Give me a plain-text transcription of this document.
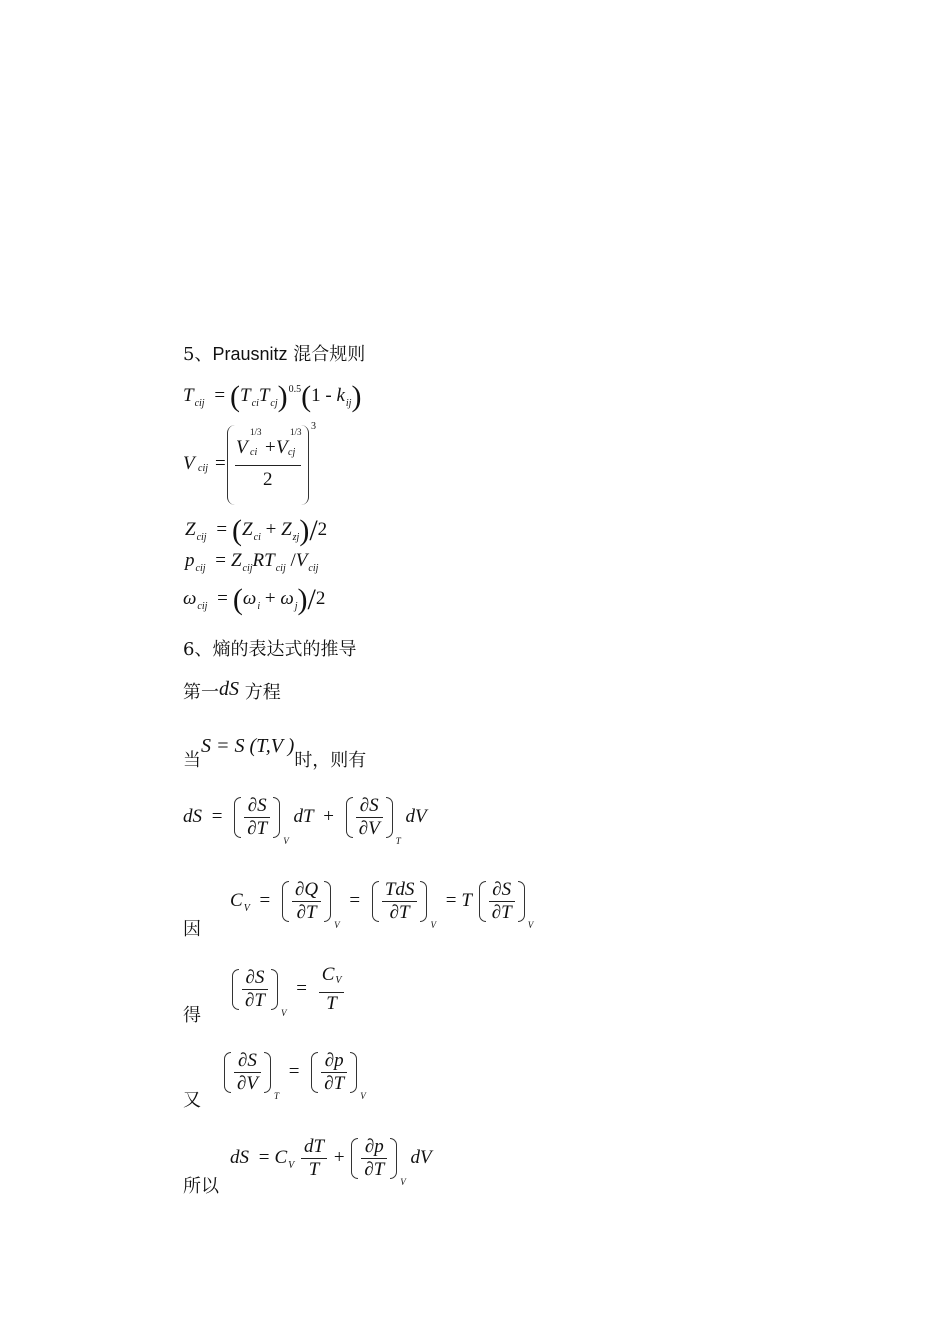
5、Prausnitz 混合规则
$T_{cij} = (T_{ci}T_{cj})^{0.5}(1 - k_{ij})$
V cij =
V
1/3
ci + V
1/3
cj
2
3
$Z_{cij} = (Z_{ci} + Z_{zj})/2$
$p_{cij} = Z_{cij}RT_{cij}$ $/V_{cij}$
$\omega_{cij} = (\omega_i + \omega_j)/2$
6、熵的表达式的推导
第一dS 方程
当S = S (T,V )时，则有
dS = $\frac{\partial S}{\partial T}$
$_V$ dT + $\frac{\partial S}{\partial V}$
$_T$ dV
因
$C_V = \frac{\partial Q}{\partial T}$
$_V = \frac{\text{TdS}}{\partial T}$
$_V$ = T $\frac{\partial S}{\partial T}$
$_V$
得
$\frac{\partial S}{\partial T}$
$_V = \frac{C_V}{T}$
又
$\frac{\partial S}{\partial V}$
$_T = \frac{\partial p}{\partial T}$
$_V$
所以
dS = $C_V \frac{dT}{T} + \frac{\partial p}{\partial T}$
$_V$ dV
